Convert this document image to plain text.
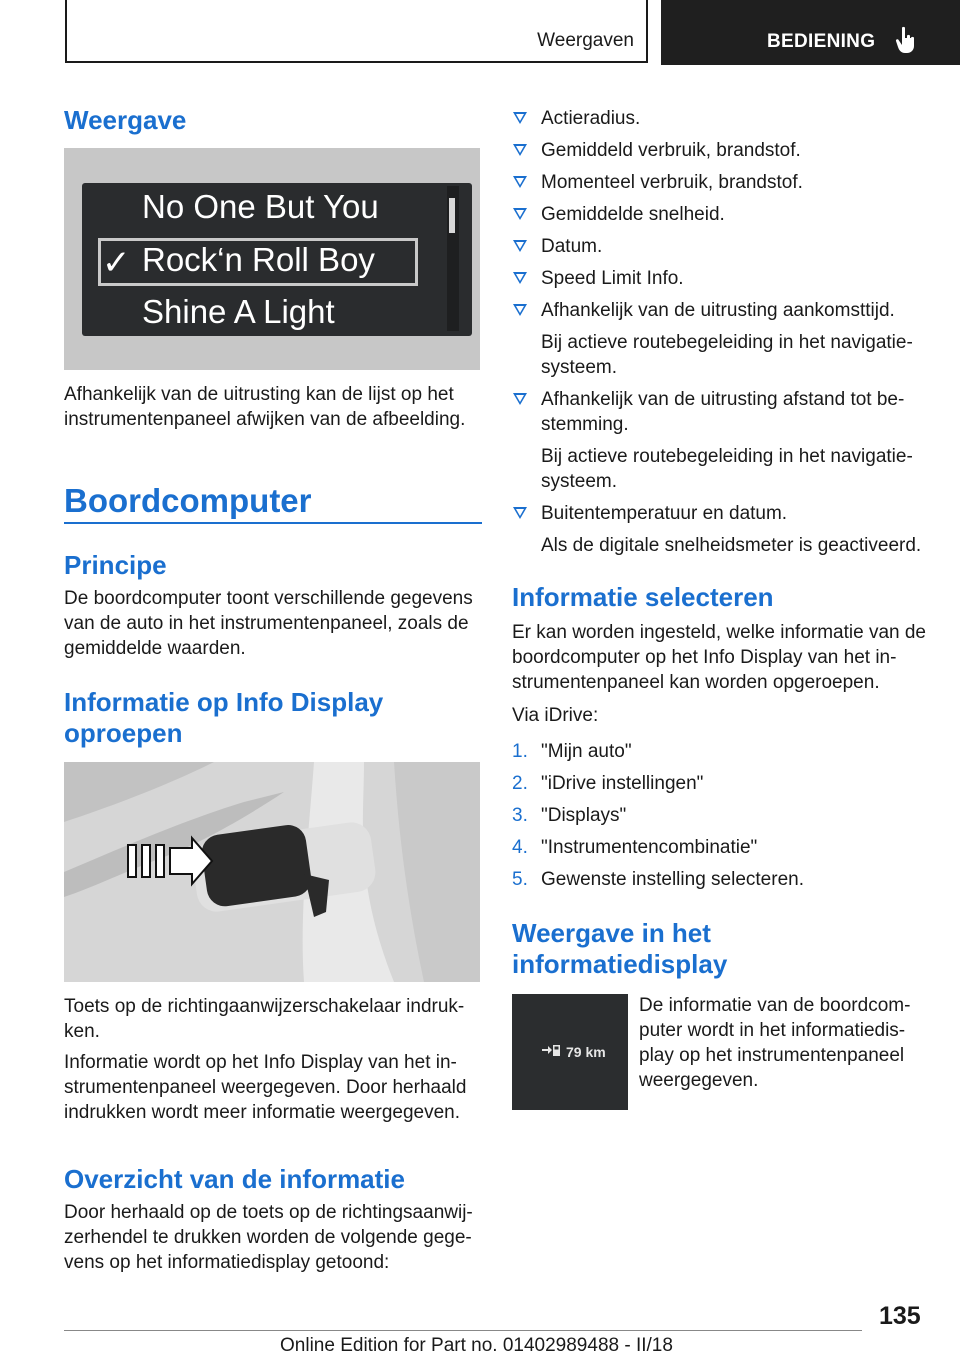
Weergaven	BEDIENING
Weergave
No One But You
✓ Rock‘n Roll Boy
Shine A Light

Afhankelijk van de uitrusting kan de lijst op het instrumentenpaneel afwijken van de afbeelding.

Boordcomputer
Principe

De boordcomputer toont verschillende gegevens van de auto in het instrumentenpaneel, zoals de gemiddelde waarden.

Informatie op Info Display oproepen

Toets op de richtingaanwijzerschakelaar indruk-ken.

Informatie wordt op het Info Display van het in-strumentenpaneel weergegeven. Door herhaald indrukken wordt meer informatie weergegeven.

Overzicht van de informatie

Door herhaald op de toets op de richtingsaanwij-zerhendel te drukken worden de volgende gege-vens op het informatiedisplay getoond:

Actieradius.
Gemiddeld verbruik, brandstof.
Momenteel verbruik, brandstof.
Gemiddelde snelheid.
Datum.
Speed Limit Info.
Afhankelijk van de uitrusting aankomsttijd.
Bij actieve routebegeleiding in het navigatie-systeem.
Afhankelijk van de uitrusting afstand tot be-stemming.
Bij actieve routebegeleiding in het navigatie-systeem.
Buitentemperatuur en datum.
Als de digitale snelheidsmeter is geactiveerd.
Informatie selecteren

Er kan worden ingesteld, welke informatie van de boordcomputer op het Info Display van het in-strumentenpaneel kan worden opgeroepen.

Via iDrive:

1. "Mijn auto"
2. "iDrive instellingen"
3. "Displays"
4. "Instrumentencombinatie"
5. Gewenste instelling selecteren.
Weergave in het informatiedisplay
79 km

De informatie van de boordcom-puter wordt in het informatiedis-play op het instrumentenpaneel weergegeven.

135
Online Edition for Part no. 01402989488 - II/18
